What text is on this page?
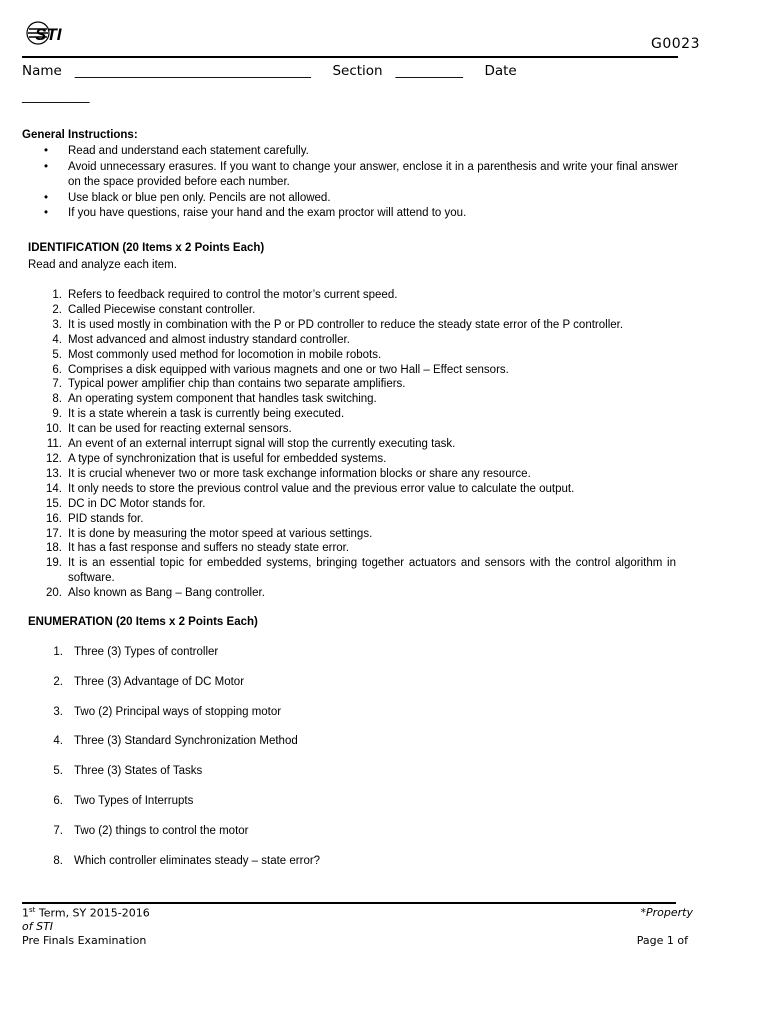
STI	G0023
Name ___________________________________ Section __________ Date
__________
General Instructions:
• Read and understand each statement carefully.
• Avoid unnecessary erasures. If you want to change your answer, enclose it in a parenthesis and write your final answer on the space provided before each number.
• Use black or blue pen only. Pencils are not allowed.
• If you have questions, raise your hand and the exam proctor will attend to you.
IDENTIFICATION (20 Items x 2 Points Each)
Read and analyze each item.
1. Refers to feedback required to control the motor’s current speed.
2. Called Piecewise constant controller.
3. It is used mostly in combination with the P or PD controller to reduce the steady state error of the P controller.
4. Most advanced and almost industry standard controller.
5. Most commonly used method for locomotion in mobile robots.
6. Comprises a disk equipped with various magnets and one or two Hall – Effect sensors.
7. Typical power amplifier chip than contains two separate amplifiers.
8. An operating system component that handles task switching.
9. It is a state wherein a task is currently being executed.
10. It can be used for reacting external sensors.
11. An event of an external interrupt signal will stop the currently executing task.
12. A type of synchronization that is useful for embedded systems.
13. It is crucial whenever two or more task exchange information blocks or share any resource.
14. It only needs to store the previous control value and the previous error value to calculate the output.
15. DC in DC Motor stands for.
16. PID stands for.
17. It is done by measuring the motor speed at various settings.
18. It has a fast response and suffers no steady state error.
19. It is an essential topic for embedded systems, bringing together actuators and sensors with the control algorithm in software.
20. Also known as Bang – Bang controller.
ENUMERATION (20 Items x 2 Points Each)
1. Three (3) Types of controller
2. Three (3) Advantage of DC Motor
3. Two (2) Principal ways of stopping motor
4. Three (3) Standard Synchronization Method
5. Three (3) States of Tasks
6. Two Types of Interrupts
7. Two (2) things to control the motor
8. Which controller eliminates steady – state error?
1st Term, SY 2015-2016
of STI
Pre Finals Examination
*Property
Page 1 of
